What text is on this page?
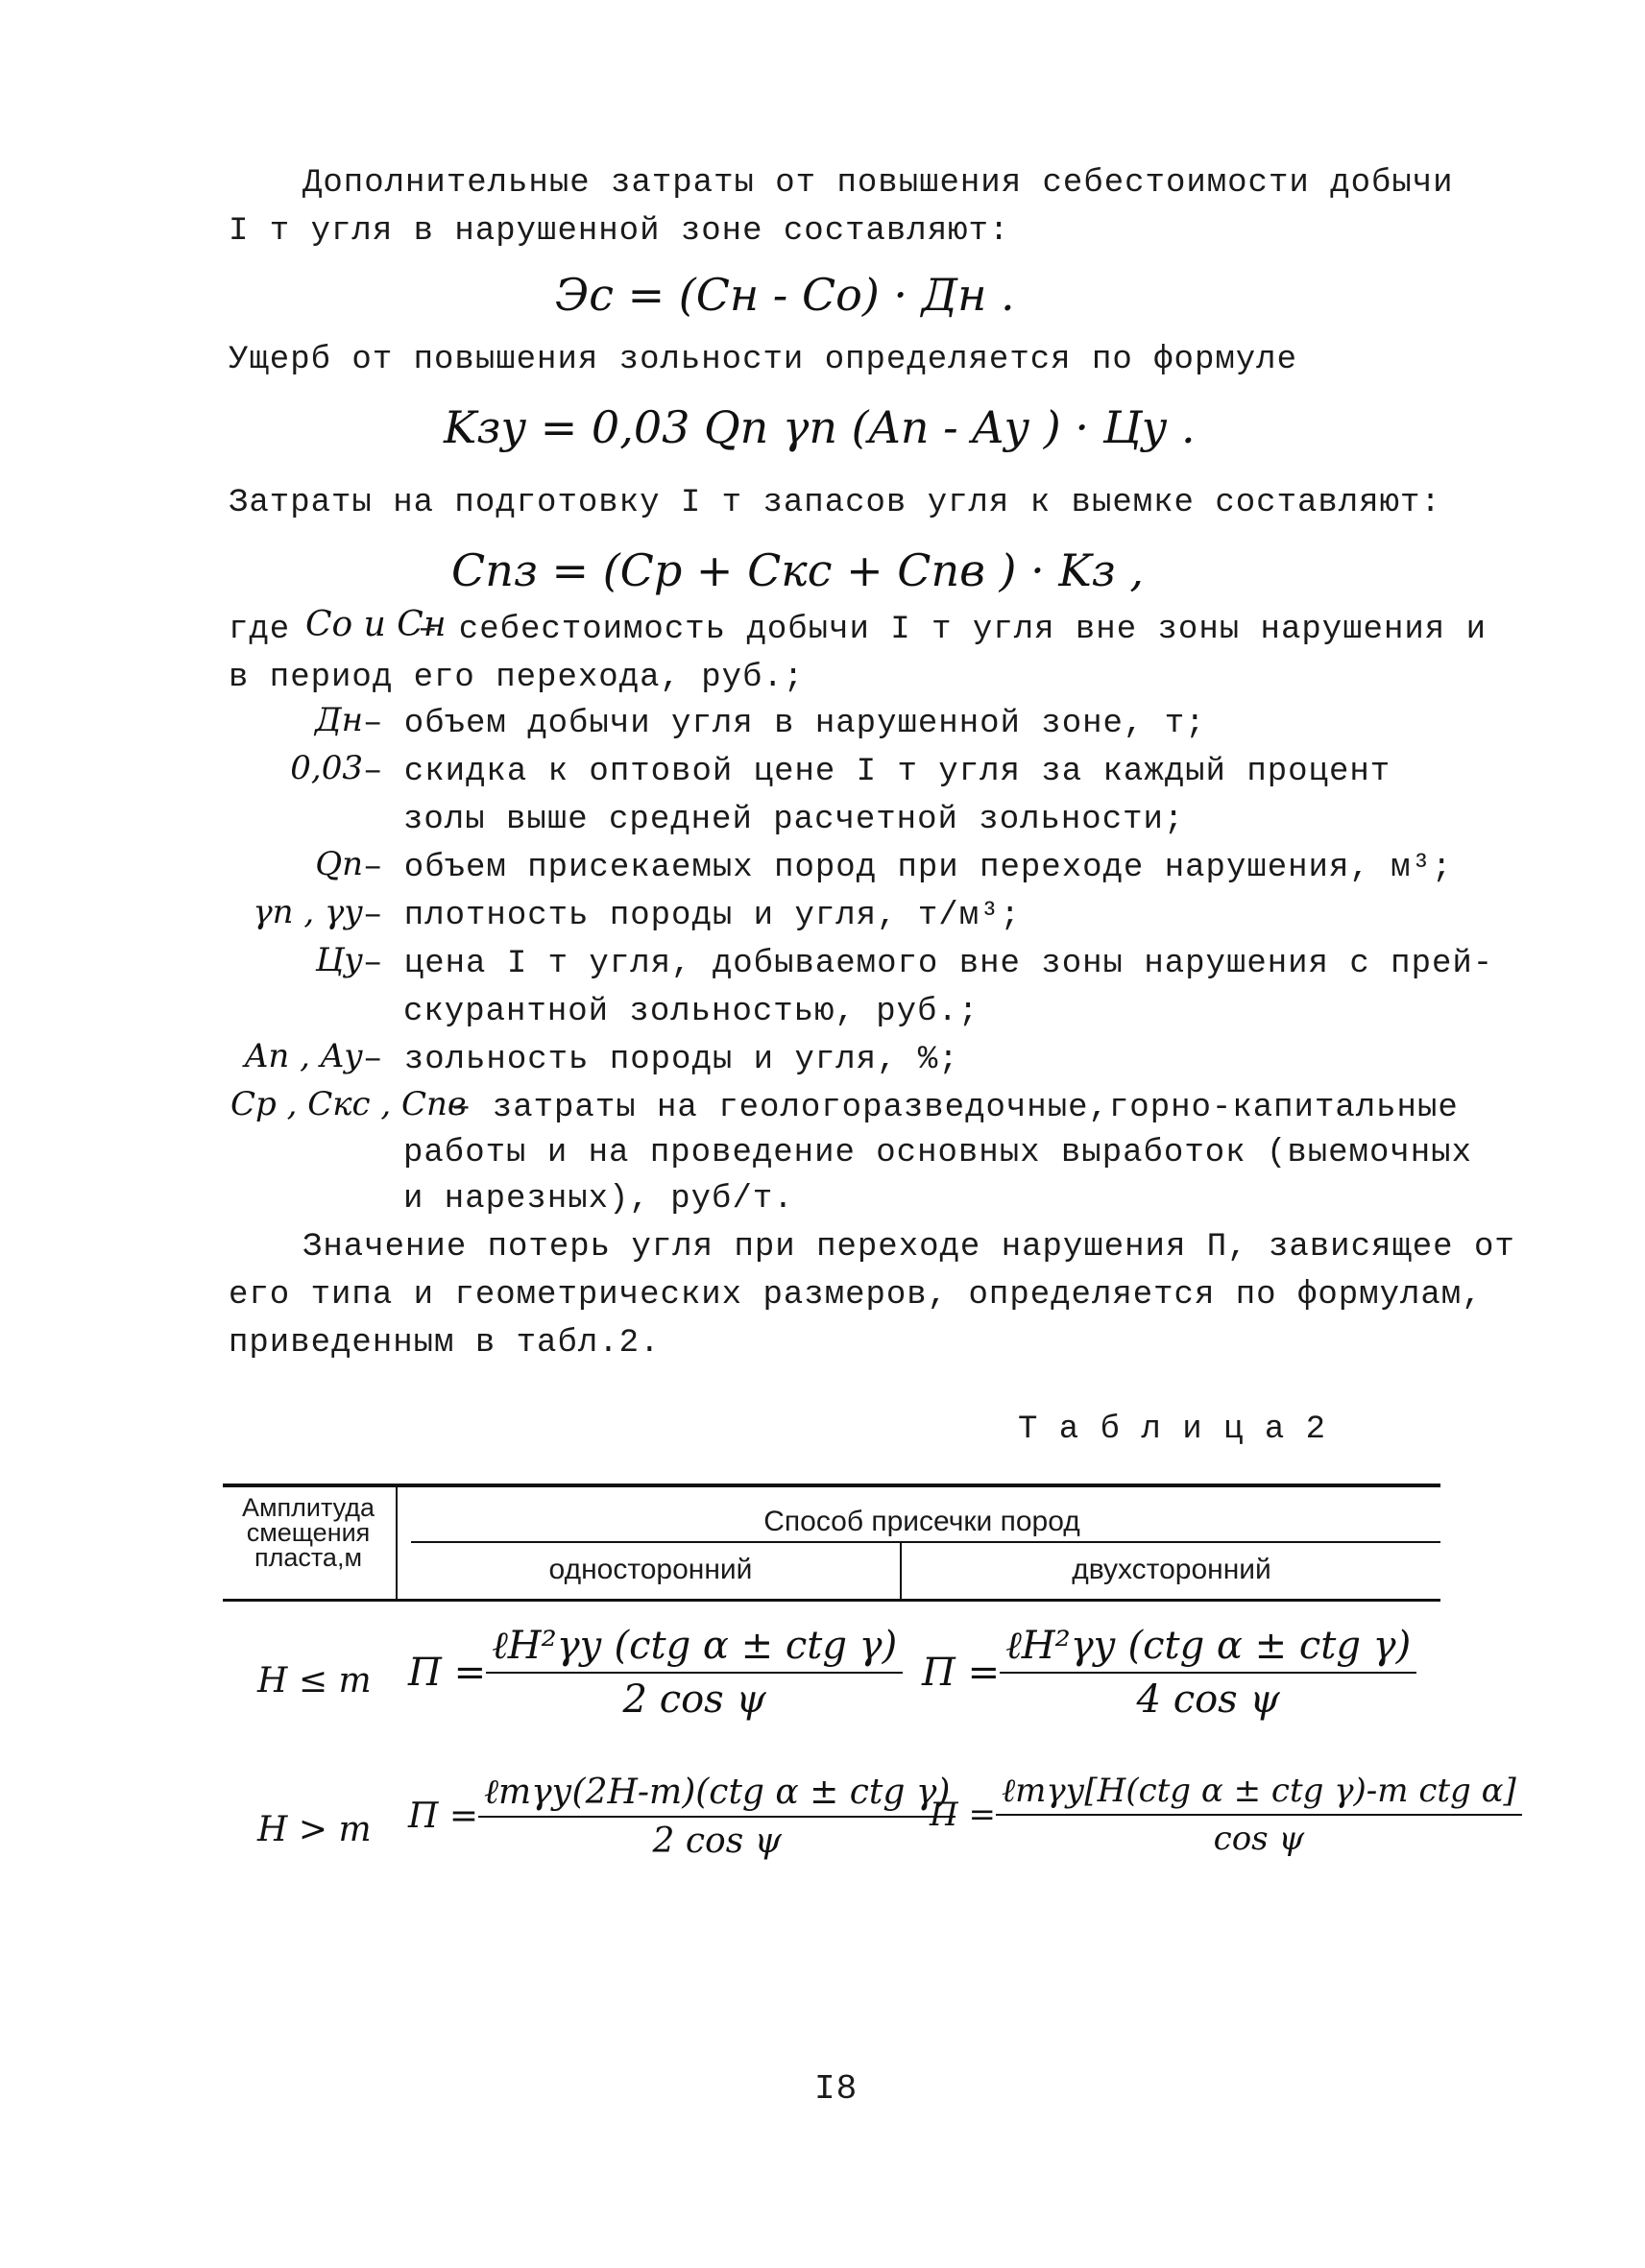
Дополнительные затраты от повышения себестоимости добычи
I т угля в нарушенной зоне составляют:
Эс = (Cн - Cо) · Дн .
Ущерб от повышения зольности определяется по формуле
Kзу = 0,03 Qп γп (Aп - Aу ) · Цу .
Затраты на подготовку I т запасов угля к выемке составляют:
Cпз = (Cр + Cкс + Cпв ) · Kз ,
где Cо и Cн
– себестоимость добычи I т угля вне зоны нарушения и
в период его перехода, руб.;
Дн – объем добычи угля в нарушенной зоне, т;
0,03 – скидка к оптовой цене I т угля за каждый процент
золы выше средней расчетной зольности;
Qп – объем присекаемых пород при переходе нарушения, м³;
γп , γу – плотность породы и угля, т/м³;
Цу – цена I т угля, добываемого вне зоны нарушения с прей-
скурантной зольностью, руб.;
Aп , Aу – зольность породы и угля, %;
Cр , Cкс , Cпв
– затраты на геологоразведочные,горно-капитальные
работы и на проведение основных выработок (выемочных
и нарезных), руб/т.
Значение потерь угля при переходе нарушения П, зависящее от
его типа и геометрических размеров, определяется по формулам,
приведенным в табл.2.
Т а б л и ц а 2
Амплитуда
смещения
пласта,м
Способ присечки пород
односторонний	двухсторонний
H ≤ m $П = \frac{\text{ℓH²γу (ctg α ± ctg γ)}}{\text{2 cos ψ}}$ $П = \frac{\text{ℓH²γу (ctg α ± ctg γ)}}{\text{4 cos ψ}}$
H > m $П = \frac{\text{ℓmγу(2H-m)(ctg α ± ctg γ)}}{\text{2 cos ψ}}$
$П = \frac{\text{ℓmγу[H(ctg α ± ctg γ)-m ctg α]}}{\text{cos ψ}}$
I8
